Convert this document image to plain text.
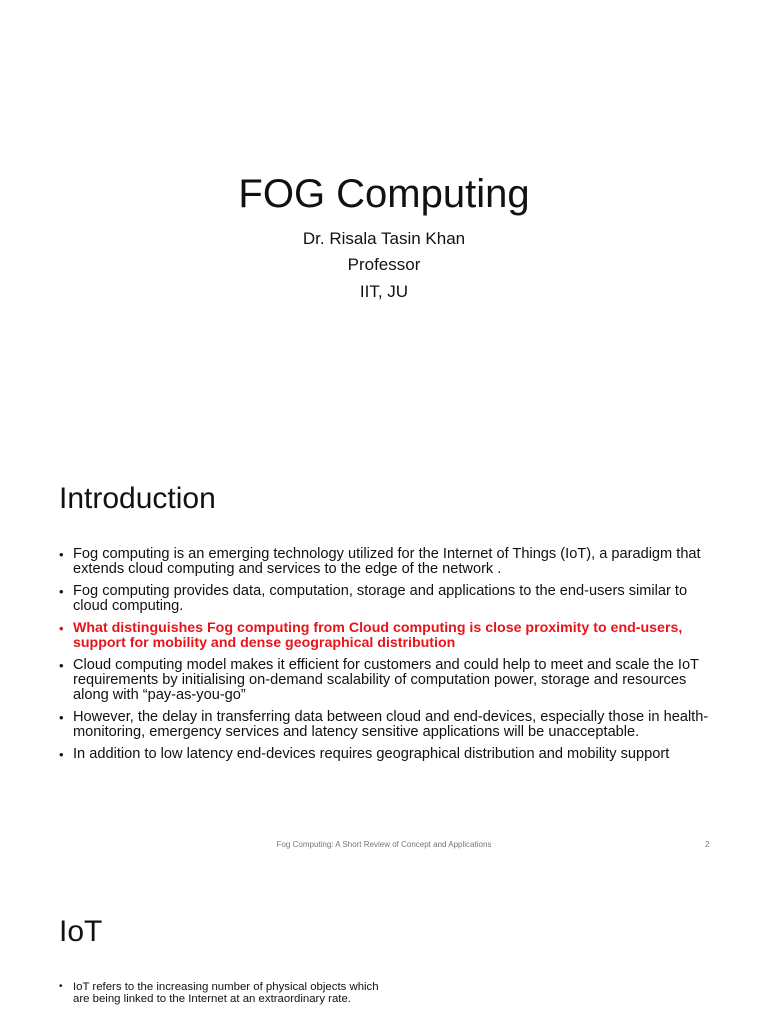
FOG Computing
Dr. Risala Tasin Khan
Professor
IIT, JU
Introduction
• Fog computing is an emerging technology utilized for the Internet of Things (IoT), a paradigm that extends cloud computing and services to the edge of the network .
• Fog computing provides data, computation, storage and applications to the end-users similar to cloud computing.
• What distinguishes Fog computing from Cloud computing is close proximity to end-users, support for mobility and dense geographical distribution
• Cloud computing model makes it efficient for customers and could help to meet and scale the IoT requirements by initialising on-demand scalability of computation power, storage and resources along with “pay-as-you-go”
• However, the delay in transferring data between cloud and end-devices, especially those in health-monitoring, emergency services and latency sensitive applications will be unacceptable.
• In addition to low latency end-devices requires geographical distribution and mobility support
Fog Computing: A Short Review of Concept and Applications	2
IoT
• IoT refers to the increasing number of physical objects which are being linked to the Internet at an extraordinary rate.
